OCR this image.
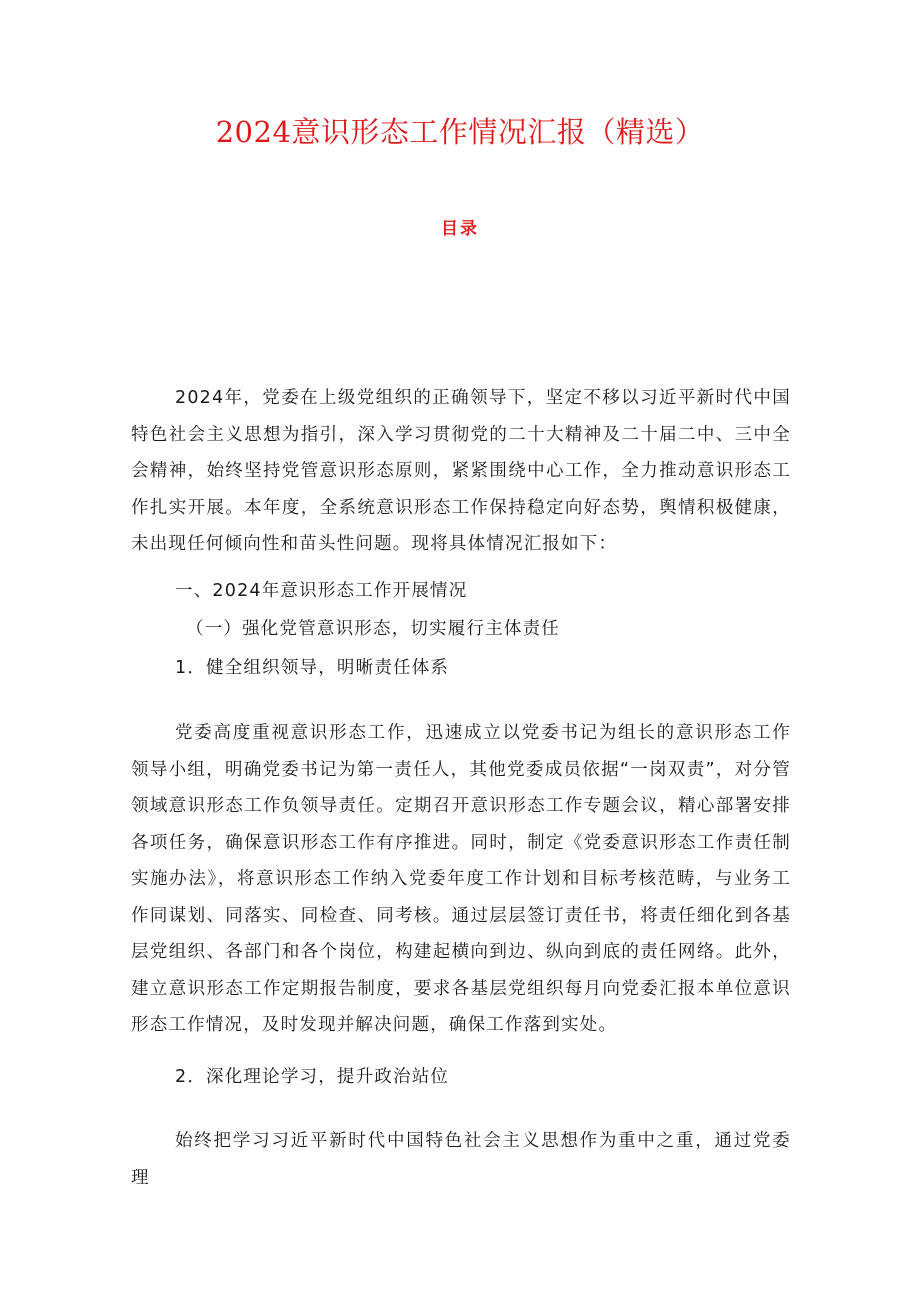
2024意识形态工作情况汇报（精选）
目录

2024年，党委在上级党组织的正确领导下，坚定不移以习近平新时代中国特色社会主义思想为指引，深入学习贯彻党的二十大精神及二十届二中、三中全会精神，始终坚持党管意识形态原则，紧紧围绕中心工作，全力推动意识形态工作扎实开展。本年度，全系统意识形态工作保持稳定向好态势，舆情积极健康，未出现任何倾向性和苗头性问题。现将具体情况汇报如下：

一、2024年意识形态工作开展情况
（一）强化党管意识形态，切实履行主体责任
1．健全组织领导，明晰责任体系

党委高度重视意识形态工作，迅速成立以党委书记为组长的意识形态工作领导小组，明确党委书记为第一责任人，其他党委成员依据“一岗双责”，对分管领域意识形态工作负领导责任。定期召开意识形态工作专题会议，精心部署安排各项任务，确保意识形态工作有序推进。同时，制定《党委意识形态工作责任制实施办法》，将意识形态工作纳入党委年度工作计划和目标考核范畴，与业务工作同谋划、同落实、同检查、同考核。通过层层签订责任书，将责任细化到各基层党组织、各部门和各个岗位，构建起横向到边、纵向到底的责任网络。此外，建立意识形态工作定期报告制度，要求各基层党组织每月向党委汇报本单位意识形态工作情况，及时发现并解决问题，确保工作落到实处。

2．深化理论学习，提升政治站位

始终把学习习近平新时代中国特色社会主义思想作为重中之重，通过党委理
